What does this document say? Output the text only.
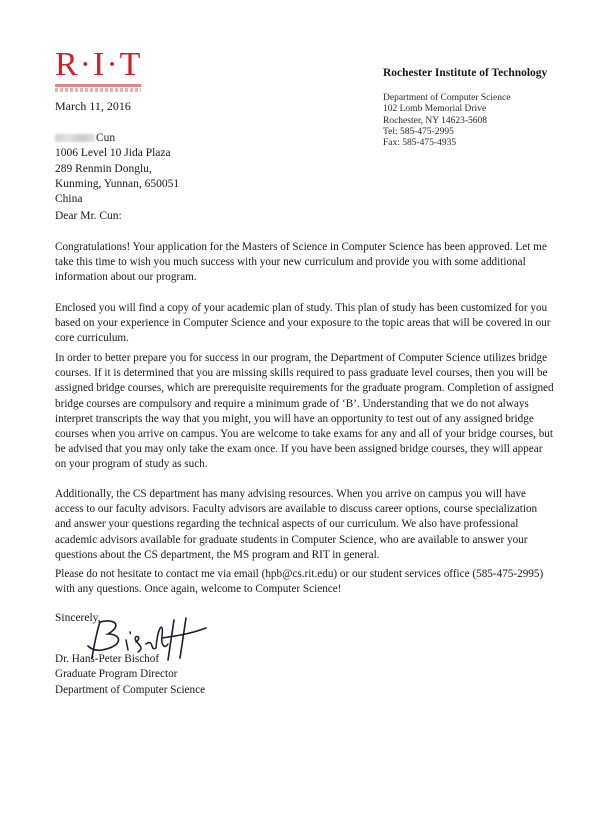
R·I·T	Rochester Institute of Technology
Department of Computer Science
102 Lomb Memorial Drive
Rochester, NY 14623-5608
Tel: 585-475-2995
Fax: 585-475-4935
March 11, 2016
Cun
1006 Level 10 Jida Plaza
289 Renmin Donglu,
Kunming, Yunnan, 650051
China
Dear Mr. Cun:
Congratulations! Your application for the Masters of Science in Computer Science has been approved. Let me take this time to wish you much success with your new curriculum and provide you with some additional information about our program.
Enclosed you will find a copy of your academic plan of study. This plan of study has been customized for you based on your experience in Computer Science and your exposure to the topic areas that will be covered in our core curriculum.
In order to better prepare you for success in our program, the Department of Computer Science utilizes bridge courses. If it is determined that you are missing skills required to pass graduate level courses, then you will be assigned bridge courses, which are prerequisite requirements for the graduate program. Completion of assigned bridge courses are compulsory and require a minimum grade of ‘B’. Understanding that we do not always interpret transcripts the way that you might, you will have an opportunity to test out of any assigned bridge courses when you arrive on campus. You are welcome to take exams for any and all of your bridge courses, but be advised that you may only take the exam once. If you have been assigned bridge courses, they will appear on your program of study as such.
Additionally, the CS department has many advising resources. When you arrive on campus you will have access to our faculty advisors. Faculty advisors are available to discuss career options, course specialization and answer your questions regarding the technical aspects of our curriculum. We also have professional academic advisors available for graduate students in Computer Science, who are available to answer your questions about the CS department, the MS program and RIT in general.
Please do not hesitate to contact me via email (hpb@cs.rit.edu) or our student services office (585-475-2995) with any questions. Once again, welcome to Computer Science!
Sincerely,
Dr. Hans-Peter Bischof
Graduate Program Director
Department of Computer Science
